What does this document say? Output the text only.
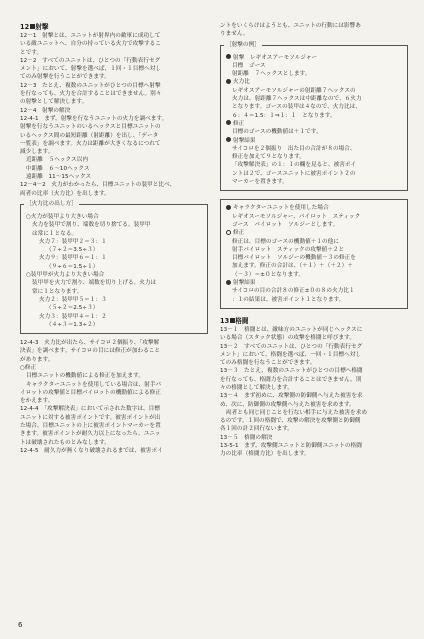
12 射撃
12－1　射撃とは、ユニットが射界内の敵軍に成功して
いる敵ユニットへ、自分の持っている火力で攻撃するこ
とです。
12－2　すべてのユニットは、ひとつの「行動表行セグ
メント」において、射撃を選べば、１回・１目標へ対し
てのみ射撃を行うことができます。
12－3　たとえ、複数のユニットがひとつの目標へ射撃
を行なっても、火力を合計することはできません。別々
の射撃として解決します。
12－4　射撃の解決
12-4-1　まず、射撃を行なうユニットの火力を調べます。
射撃を行なうユニットのいるヘックスと目標ユニットの
いるヘックス間の最短距離（射距離）を出し、「データ
一覧表」を調べます。火力は距離が大きくなるにつれて
減少します。
近距離　５ヘックス以内
中距離　６～10ヘックス
遠距離　11～15ヘックス
12－4－2　火力がわかったら、目標ユニットの装甲と比べ、
両者の比率（火力比）を出します。
［火力比の出し方］
○火力が装甲より大きい場合
火力を装甲で割り、端数を切り捨てる。装甲甲
は常に１となる。
火力７：装甲甲２＝３：１
（７÷２＝3.5÷３）
火力９：装甲甲６＝１：１
（９÷６＝1.5÷１）
○装甲甲が火力より大きい場合
装甲甲を火力で割り、端数を切り上げる。火力は
常に１となります。
火力２：装甲甲５＝１：３
（５÷２＝2.5÷３）
火力３：装甲甲４＝１：２
（４÷３＝1.3÷２）
12-4-3　火力比が出たら、サイコロ２個振り、「攻撃解
決表」を調べます。サイコロの目には修正が加わること
があります。
○修正
目標ユニットの機動値による修正を加えます。
キャラクターユニットを使用している場合は、射手パ
イロットの攻撃値と目標パイロットの機動値による修正
をかえます。
12-4-4　「攻撃解決表」において示された数字は、目標
ユニットに対する被害ポイントです。被害ポイントが出
た場合、目標ユニットの上に被害ポイントマーカーを置
きます。被害ポイントが耐久力以上になったら、ユニッ
トは破壊されたものとみなします。
12-4-5　耐久力が無くなり破壊されるまでは、被害ポイ
ントをいくらけはようとも、ユニットの行動には影響あ
りません。
［射撃の例］
射撃　レギオスアーモソルジャー
目標　ゴース
射距離　７ヘックスとします。
火力比
レギオスアーモソルジャーの射距離７ヘックスの
火力は、射距離７ヘックスは中距離なので、６火力
となります。ゴースの装甲は４なので、火力比は、
６：４＝1.5：１⇒１：１　となります。
修正
目標のゴースの機動値は＋１です。
射撃結果
サイコロを２個振り　出た目の合計が８の場合、
修正を加えて９となります。
「攻撃解決表」の１：１の欄を見ると、被害ポイ
ントは２で、ゴースユニットに被害ポイント２の
マーカーを置きます。
キャラクターユニットを使用した場合
レギオスーモソルジャー、パイロット　スティック
ゴース　パイロット　ソルジーとします。
修正
修正は、目標のゴースの機動値＋１の他に
射手パイロット　スティックの攻撃値＋２と
目標パイロット　ソルジーの機動値－３の修正を
加えます。修正の合計は、（＋１）＋（＋２）＋
（－３）＝±０となります。
射撃結果
サイコロの目の合計８の修正±０の８の火力比１
：１の結果は、被害ポイント１となります。
13 格闘
13－１　格闘とは、敵味方のユニットが同じヘックスに
いる場合（スタック状態）の攻撃を格闘と呼びます。
13－２　すべてのユニットは、ひとつの「行動表行セグ
メント」において、格闘を選べば、一回・１目標へ対し
てのみ格闘を行なうことができます。
13－３　たとえ、複数のユニットがひとつの目標へ格闘
を行なっても、格闘力を合計することはできません。別
々の格闘として解決します。
13－４　まず初めに、攻撃側の防御側へ与えた被害を求
め、次に、防御側の攻撃側へ与えた被害を求めます。
両者とも同じ同じことを行ない相手に与えた被害を求め
るのです。１回の格闘で、攻撃の解決を攻撃側と防御側
各１回の計２回行ないます。
13－５　格闘の解決
13-5-1　まず、攻撃側ユニットと防御側ユニットの格闘
力の比率（格闘力比）を出します。
6
